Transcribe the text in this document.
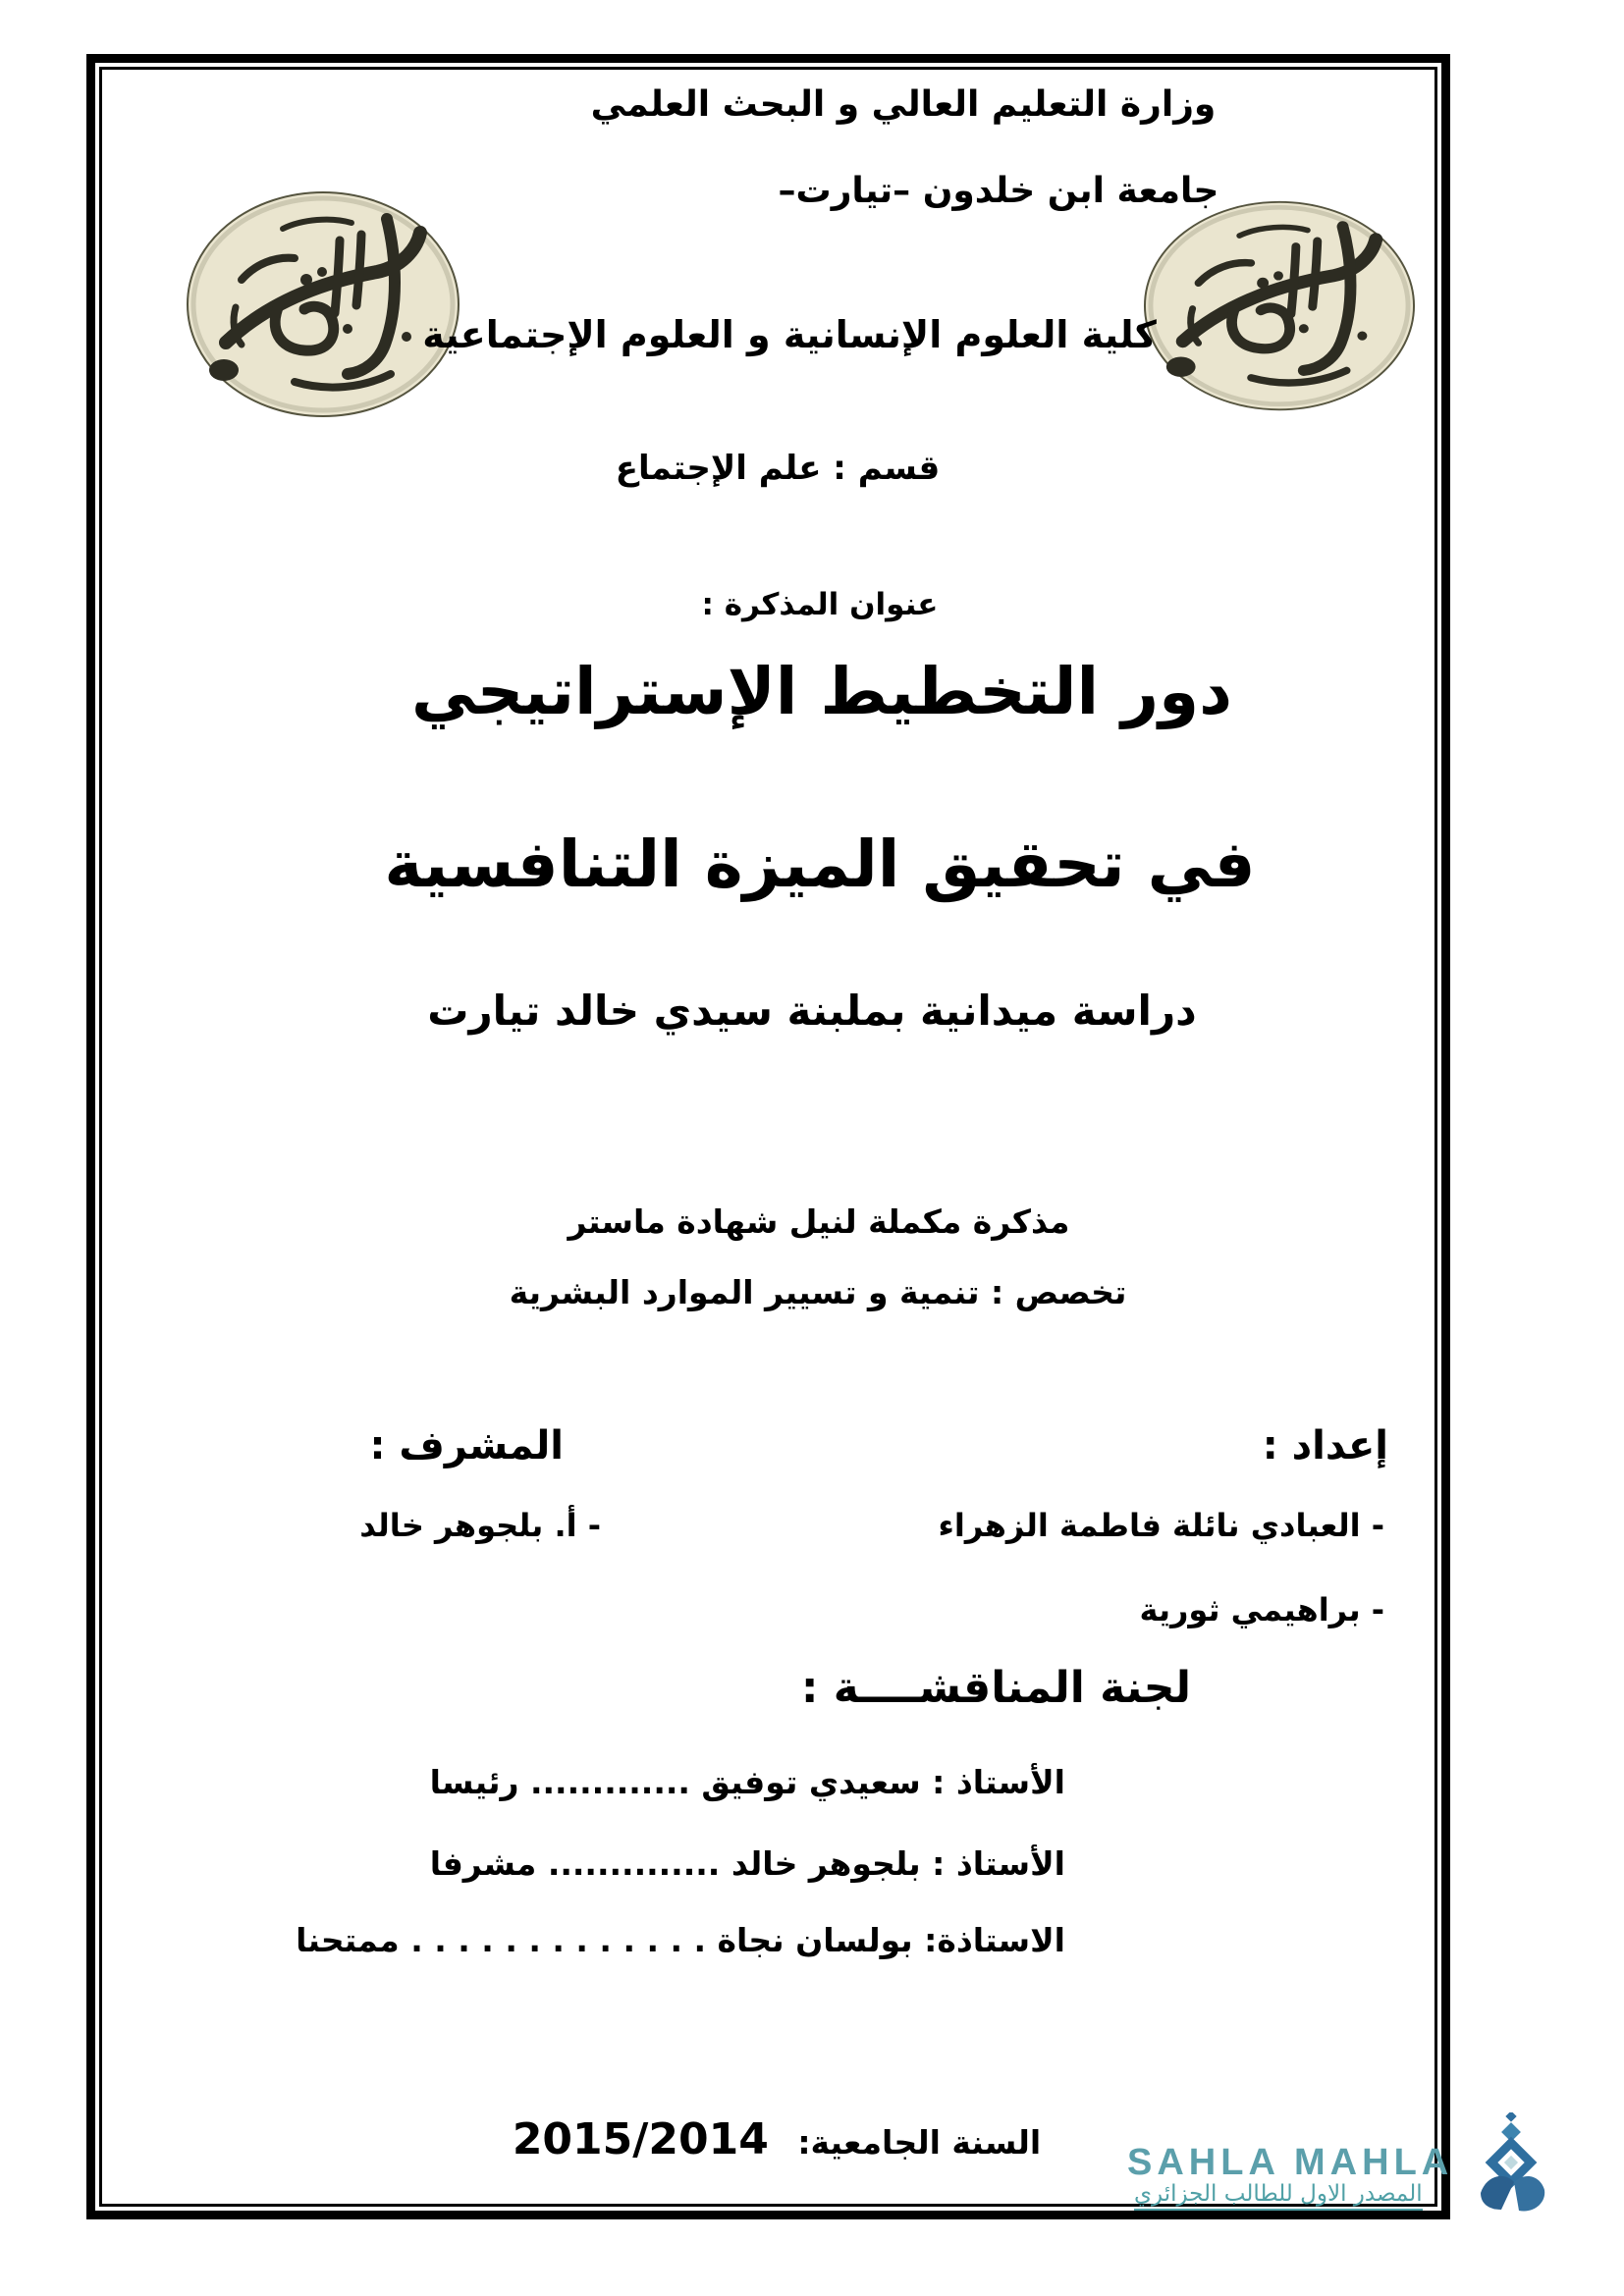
وزارة التعليم العالي و البحث العلمي
جامعة ابن خلدون –تيارت–
كلية العلوم الإنسانية و العلوم الإجتماعية
قسم : علم الإجتماع
عنوان المذكرة :
دور التخطيط الإستراتيجي
في تحقيق الميزة التنافسية
دراسة ميدانية بملبنة سيدي خالد تيارت
مذكرة مكملة لنيل شهادة ماستر
تخصص : تنمية و تسيير الموارد البشرية
إعداد :
- العبادي نائلة فاطمة الزهراء
- براهيمي ثورية
المشرف :
- أ. بلجوهر خالد
لجنة المناقشــــة :
الأستاذ : سعيدي توفيق ............. رئيسا
الأستاذ : بلجوهر خالد .............. مشرفا
الاستاذة: بولسان نجاة . . . . . . . . . . . . . ممتحنا
السنة الجامعية: 2015/2014	SAHLA MAHLA
المصدر الاول للطالب الجزائري
